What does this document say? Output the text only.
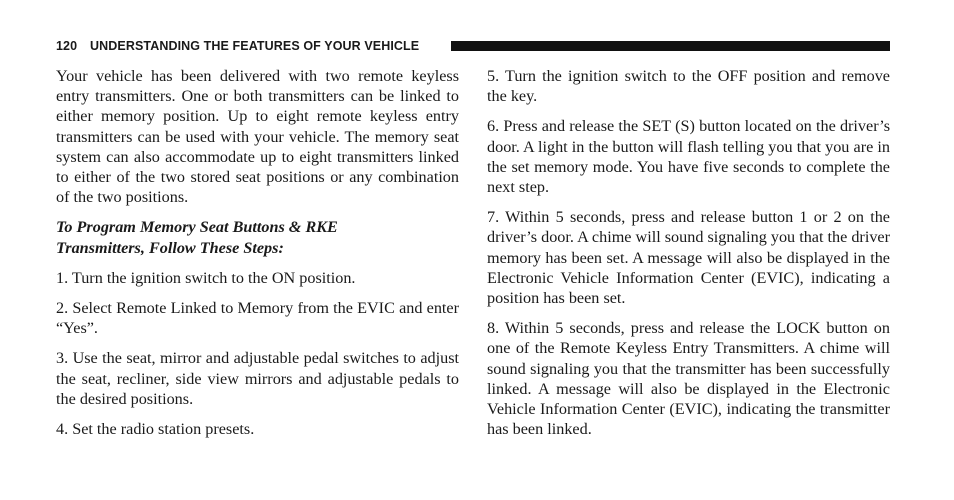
120 UNDERSTANDING THE FEATURES OF YOUR VEHICLE

Your vehicle has been delivered with two remote keyless entry transmitters. One or both transmitters can be linked to either memory position. Up to eight remote keyless entry transmitters can be used with your vehicle. The memory seat system can also accommodate up to eight transmitters linked to either of the two stored seat positions or any combination of the two positions.

To Program Memory Seat Buttons & RKE
Transmitters, Follow These Steps:

1. Turn the ignition switch to the ON position.

2. Select Remote Linked to Memory from the EVIC and enter “Yes”.

3. Use the seat, mirror and adjustable pedal switches to adjust the seat, recliner, side view mirrors and adjustable pedals to the desired positions.

4. Set the radio station presets.

5. Turn the ignition switch to the OFF position and remove the key.

6. Press and release the SET (S) button located on the driver’s door. A light in the button will flash telling you that you are in the set memory mode. You have five seconds to complete the next step.

7. Within 5 seconds, press and release button 1 or 2 on the driver’s door. A chime will sound signaling you that the driver memory has been set. A message will also be displayed in the Electronic Vehicle Information Center (EVIC), indicating a position has been set.

8. Within 5 seconds, press and release the LOCK button on one of the Remote Keyless Entry Transmitters. A chime will sound signaling you that the transmitter has been successfully linked. A message will also be displayed in the Electronic Vehicle Information Center (EVIC), indicating the transmitter has been linked.
